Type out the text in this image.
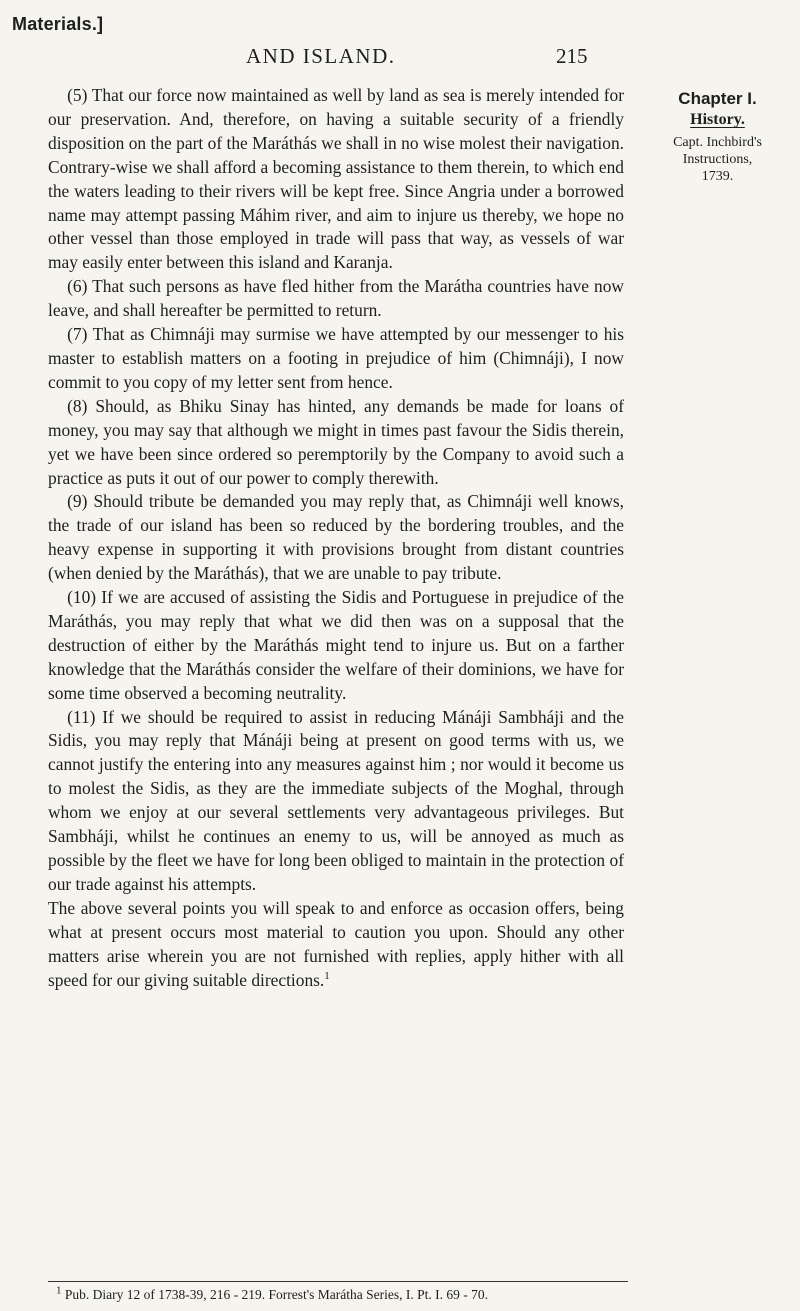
Materials.]
AND ISLAND.	215

(5) That our force now maintained as well by land as sea is merely intended for our preservation. And, therefore, on having a suitable security of a friendly disposition on the part of the Maráthás we shall in no wise molest their navigation. Contrary-wise we shall afford a becoming assistance to them therein, to which end the waters leading to their rivers will be kept free. Since Angria under a borrowed name may attempt passing Máhim river, and aim to injure us thereby, we hope no other vessel than those employed in trade will pass that way, as vessels of war may easily enter between this island and Karanja.

(6) That such persons as have fled hither from the Marátha countries have now leave, and shall hereafter be permitted to return.

(7) That as Chimnáji may surmise we have attempted by our messenger to his master to establish matters on a footing in prejudice of him (Chimnáji), I now commit to you copy of my letter sent from hence.

(8) Should, as Bhiku Sinay has hinted, any demands be made for loans of money, you may say that although we might in times past favour the Sidis therein, yet we have been since ordered so peremptorily by the Company to avoid such a practice as puts it out of our power to comply therewith.

(9) Should tribute be demanded you may reply that, as Chimnáji well knows, the trade of our island has been so reduced by the bordering troubles, and the heavy expense in supporting it with provisions brought from distant countries (when denied by the Maráthás), that we are unable to pay tribute.

(10) If we are accused of assisting the Sidis and Portuguese in prejudice of the Maráthás, you may reply that what we did then was on a supposal that the destruction of either by the Maráthás might tend to injure us. But on a farther knowledge that the Maráthás consider the welfare of their dominions, we have for some time observed a becoming neutrality.

(11) If we should be required to assist in reducing Mánáji Sambháji and the Sidis, you may reply that Mánáji being at present on good terms with us, we cannot justify the entering into any measures against him ; nor would it become us to molest the Sidis, as they are the immediate subjects of the Moghal, through whom we enjoy at our several settlements very advantageous privileges. But Sambháji, whilst he continues an enemy to us, will be annoyed as much as possible by the fleet we have for long been obliged to maintain in the protection of our trade against his attempts.

The above several points you will speak to and enforce as occasion offers, being what at present occurs most material to caution you upon. Should any other matters arise wherein you are not furnished with replies, apply hither with all speed for our giving suitable directions.$^1$

Chapter I.
History.
Capt. Inchbird's
Instructions,
1739.
$^1$ Pub. Diary 12 of 1738-39, 216 - 219. Forrest's Marátha Series, I. Pt. I. 69 - 70.
